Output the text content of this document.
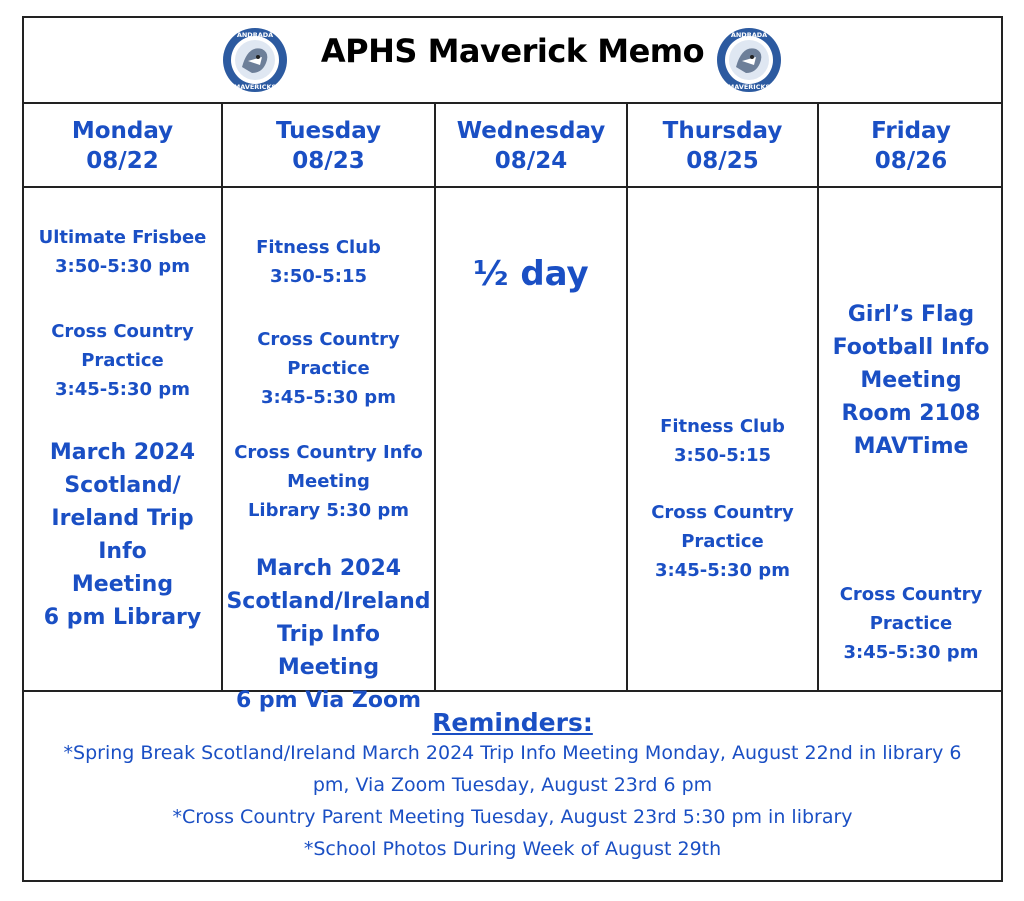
ANDRADA
MAVERICKS
APHS Maverick Memo	ANDRADA
MAVERICKS
Monday
08/22
Tuesday
08/23
Wednesday
08/24
Thursday
08/25
Friday
08/26
Ultimate Frisbee
3:50-5:30 pm
Cross Country
Practice
3:45-5:30 pm
March 2024
Scotland/
Ireland Trip Info
Meeting
6 pm Library
Fitness Club
3:50-5:15
Cross Country
Practice
3:45-5:30 pm
Cross Country Info
Meeting
Library 5:30 pm
March 2024
Scotland/Ireland
Trip Info Meeting
6 pm Via Zoom
½ day
Fitness Club
3:50-5:15
Cross Country
Practice
3:45-5:30 pm
Girl’s Flag
Football Info
Meeting
Room 2108
MAVTime
Cross Country
Practice
3:45-5:30 pm
Reminders:
*Spring Break Scotland/Ireland March 2024 Trip Info Meeting Monday, August 22nd in library 6
pm, Via Zoom Tuesday, August 23rd 6 pm
*Cross Country Parent Meeting Tuesday, August 23rd 5:30 pm in library
*School Photos During Week of August 29th
